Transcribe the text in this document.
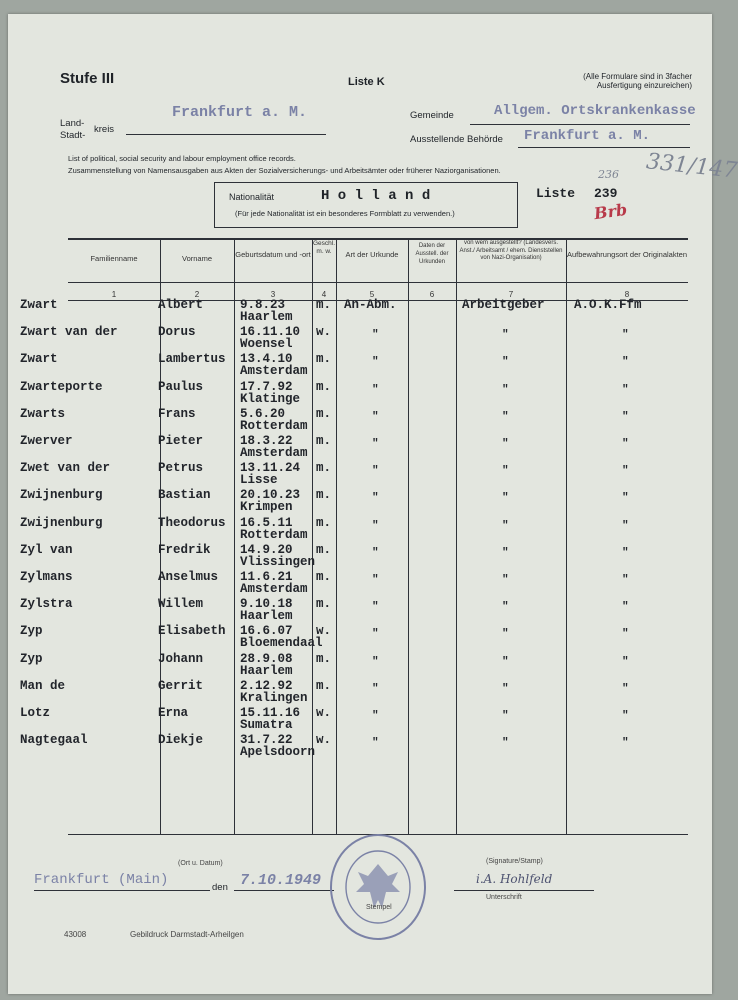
Stufe III	Liste K	(Alle Formulare sind in 3facher
Ausfertigung einzureichen)
Land-
Stadt-
kreis
Frankfurt a. M.	Gemeinde	Allgem. Ortskrankenkasse
Ausstellende Behörde Frankfurt a. M.
List of political, social security and labour employment office records.
Zusammenstellung von Namensausgaben aus Akten der Sozialversicherungs- und Arbeitsämter oder früherer Naziorganisationen.
Nationalität	H o l l a n d
(Für jede Nationalität ist ein besonderes Formblatt zu verwenden.)
Liste 239
236
Brb
331/147
Familienname	Vorname	Geburtsdatum und -ort
Geschl. m. w.	Art der Urkunde
Daten der Ausstell. der Urkunden
von wem ausgestellt? (Landesvers. Anst./ Arbeitsamt / ehem. Dienststellen von Nazi-Organisation)	Aufbewahrungsort der Originalakten
1	2	3	4	5	6	7	8
Zwart	Albert	9.8.23
Haarlem
m. An-Abm.	Arbeitgeber A.O.K.Ffm
Zwart van der	Dorus	16.11.10
Woensel
w.	"	"	"
Zwart	Lambertus 13.4.10
Amsterdam
m.	"	"	"
Zwarteporte	Paulus	17.7.92
Klatinge
m.	"	"	"
Zwarts	Frans	5.6.20
Rotterdam
m.	"	"	"
Zwerver	Pieter	18.3.22
Amsterdam
m.	"	"	"
Zwet van der	Petrus	13.11.24
Lisse
m.	"	"	"
Zwijnenburg	Bastian 20.10.23
Krimpen
m.	"	"	"
Zwijnenburg	Theodorus 16.5.11
Rotterdam
m.	"	"	"
Zyl van	Fredrik 14.9.20
Vlissingen
m.	"	"	"
Zylmans	Anselmus 11.6.21
Amsterdam
m.	"	"	"
Zylstra	Willem	9.10.18
Haarlem
m.	"	"	"
Zyp	Elisabeth 16.6.07
Bloemendaal
w.	"	"	"
Zyp	Johann	28.9.08
Haarlem
m.	"	"	"
Man de	Gerrit	2.12.92
Kralingen
m.	"	"	"
Lotz	Erna	15.11.16
Sumatra
w.	"	"	"
Nagtegaal	Diekje	31.7.22
Apelsdoorn
w.	"	"	"
Frankfurt (Main)
(Ort u. Datum)
den 7.10.1949
Stempel
(Signature/Stamp)
i.A. Hohlfeld
Unterschrift
43008	Gebildruck Darmstadt-Arheilgen
